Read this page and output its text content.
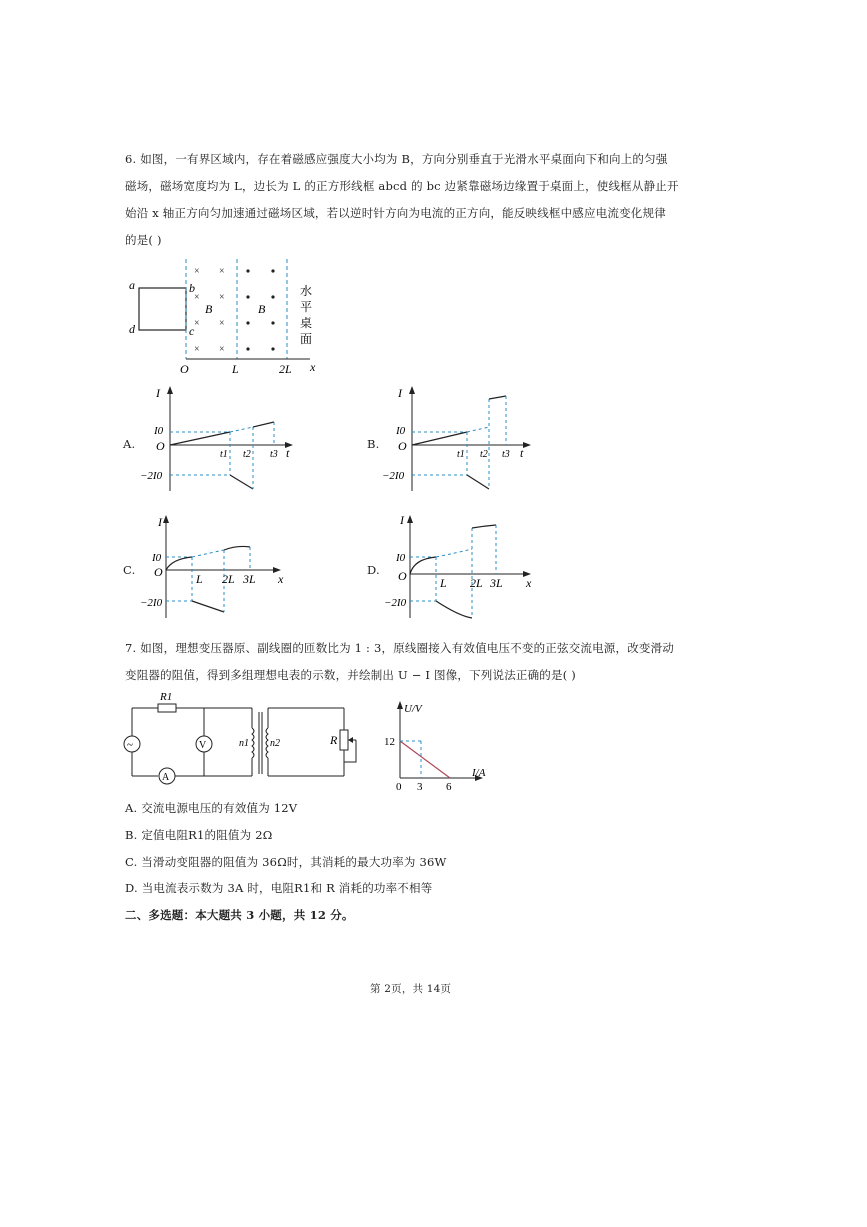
6. 如图，一有界区域内，存在着磁感应强度大小均为 B，方向分别垂直于光滑水平桌面向下和向上的匀强
磁场，磁场宽度均为 L，边长为 L 的正方形线框 abcd 的 bc 边紧靠磁场边缘置于桌面上，使线框从静止开
始沿 x 轴正方向匀加速通过磁场区域，若以逆时针方向为电流的正方向，能反映线框中感应电流变化规律
的是( )
a	b
c
d
× ×
× ×
× ×
× ×
B	B
O	L	2L x
水
平
桌
面
A.
I
O
I0
−2I0
t1 t2 t3 t
B.
I
O
I0
−2I0
t1 t2 t3 t
C.
I
O
I0
−2I0
L 2L 3L x
D.
I
O
I0
−2I0
L 2L 3L x
7. 如图，理想变压器原、副线圈的匝数比为 1 : 3，原线圈接入有效值电压不变的正弦交流电源，改变滑动
变阻器的阻值，得到多组理想电表的示数，并绘制出 U − I 图像，下列说法正确的是( )
R1
~
A
V	n1 n2	R
U/V
I/A
12
0 3 6
A. 交流电源电压的有效值为 12V
B. 定值电阻R1的阻值为 2Ω
C. 当滑动变阻器的阻值为 36Ω时，其消耗的最大功率为 36W
D. 当电流表示数为 3A 时，电阻R1和 R 消耗的功率不相等
二、多选题：本大题共 3 小题，共 12 分。
第 2页，共 14页
